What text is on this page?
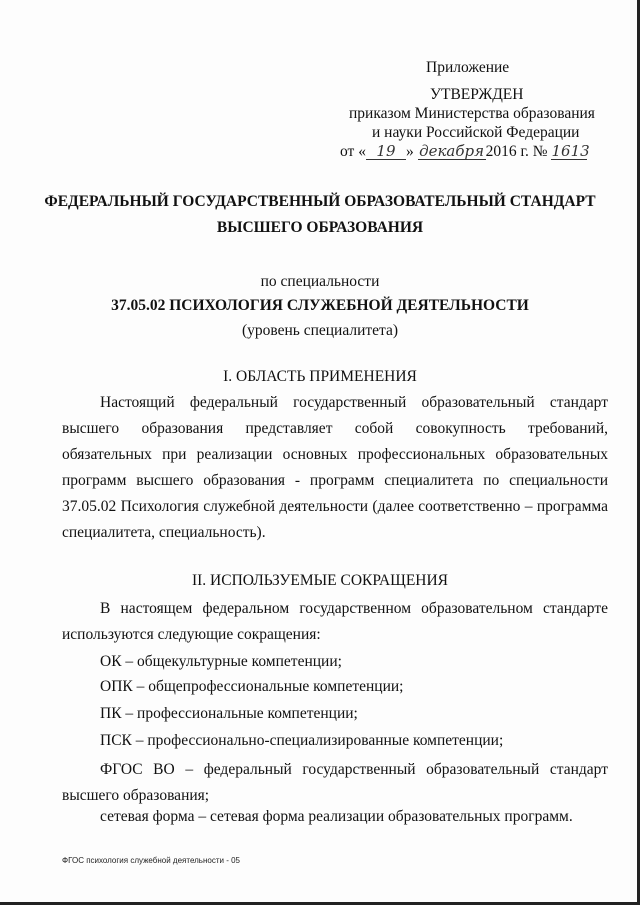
Приложение
УТВЕРЖДЕН
приказом Министерства образования
и науки Российской Федерации
от « 19 » декабря2016 г. № 1613
ФЕДЕРАЛЬНЫЙ ГОСУДАРСТВЕННЫЙ ОБРАЗОВАТЕЛЬНЫЙ СТАНДАРТ
ВЫСШЕГО ОБРАЗОВАНИЯ
по специальности
37.05.02 ПСИХОЛОГИЯ СЛУЖЕБНОЙ ДЕЯТЕЛЬНОСТИ
(уровень специалитета)
I. ОБЛАСТЬ ПРИМЕНЕНИЯ
Настоящий федеральный государственный образовательный стандарт высшего образования представляет собой совокупность требований, обязательных при реализации основных профессиональных образовательных программ высшего образования - программ специалитета по специальности 37.05.02 Психология служебной деятельности (далее соответственно – программа специалитета, специальность).
II. ИСПОЛЬЗУЕМЫЕ СОКРАЩЕНИЯ
В настоящем федеральном государственном образовательном стандарте используются следующие сокращения:
ОК – общекультурные компетенции;
ОПК – общепрофессиональные компетенции;
ПК – профессиональные компетенции;
ПСК – профессионально-специализированные компетенции;
ФГОС ВО – федеральный государственный образовательный стандарт высшего образования;
сетевая форма – сетевая форма реализации образовательных программ.
ФГОС психология служебной деятельности - 05
